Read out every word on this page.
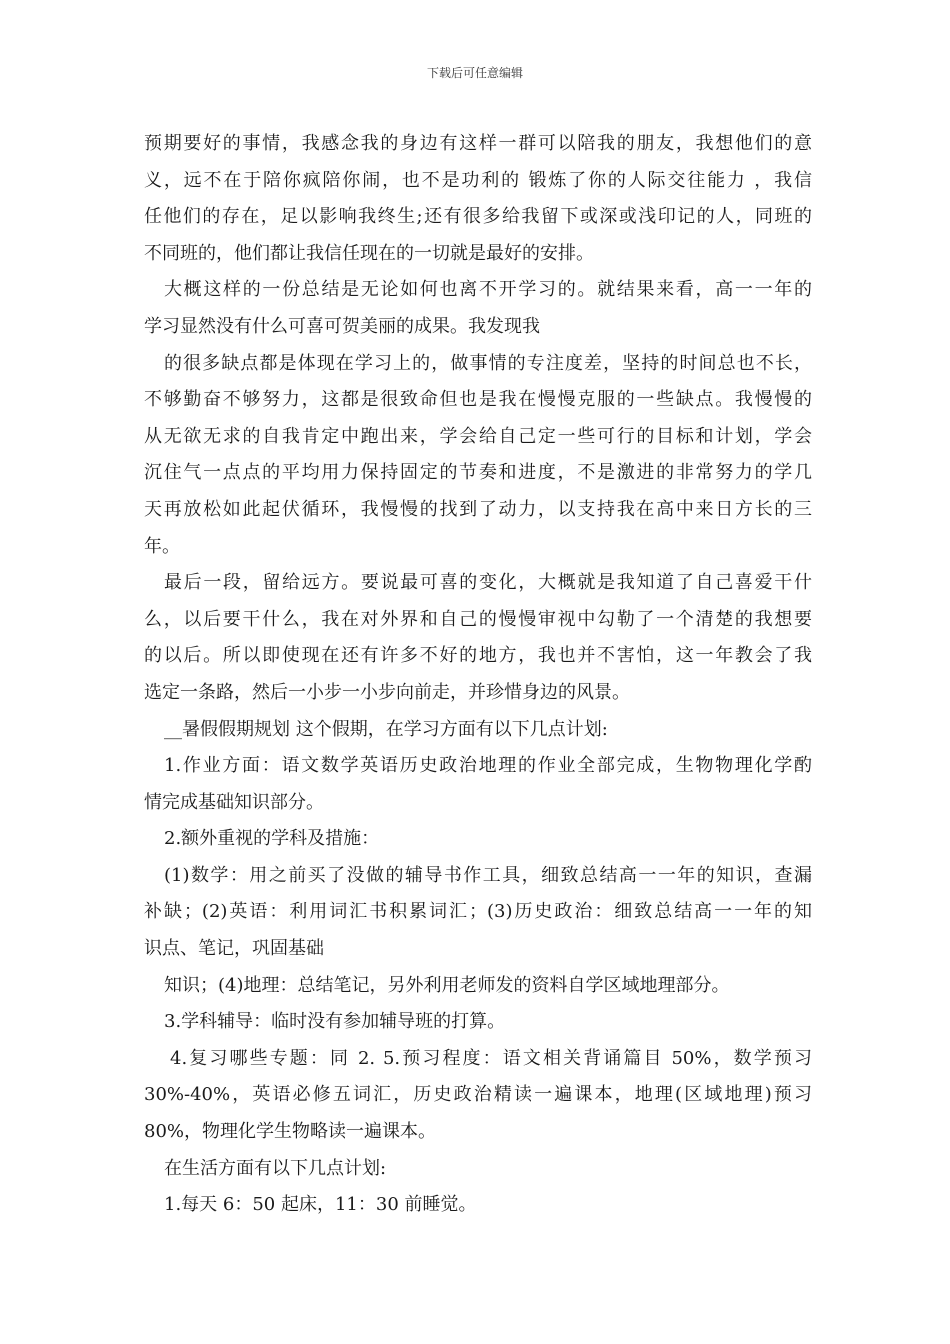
下载后可任意编辑
预期要好的事情，我感念我的身边有这样一群可以陪我的朋友，我想他们的意
义，远不在于陪你疯陪你闹，也不是功利的 锻炼了你的人际交往能力 ，我信
任他们的存在，足以影响我终生;还有很多给我留下或深或浅印记的人，同班的
不同班的，他们都让我信任现在的一切就是最好的安排。
大概这样的一份总结是无论如何也离不开学习的。就结果来看，高一一年的
学习显然没有什么可喜可贺美丽的成果。我发现我
的很多缺点都是体现在学习上的，做事情的专注度差，坚持的时间总也不长，
不够勤奋不够努力，这都是很致命但也是我在慢慢克服的一些缺点。我慢慢的
从无欲无求的自我肯定中跑出来，学会给自己定一些可行的目标和计划，学会
沉住气一点点的平均用力保持固定的节奏和进度，不是激进的非常努力的学几
天再放松如此起伏循环，我慢慢的找到了动力，以支持我在高中来日方长的三
年。
最后一段，留给远方。要说最可喜的变化，大概就是我知道了自己喜爱干什
么，以后要干什么，我在对外界和自己的慢慢审视中勾勒了一个清楚的我想要
的以后。所以即使现在还有许多不好的地方，我也并不害怕，这一年教会了我
选定一条路，然后一小步一小步向前走，并珍惜身边的风景。
__暑假假期规划 这个假期，在学习方面有以下几点计划:
1.作业方面：语文数学英语历史政治地理的作业全部完成，生物物理化学酌
情完成基础知识部分。
2.额外重视的学科及措施：
(1)数学：用之前买了没做的辅导书作工具，细致总结高一一年的知识，查漏
补缺；(2)英语：利用词汇书积累词汇；(3)历史政治：细致总结高一一年的知
识点、笔记，巩固基础
知识；(4)地理：总结笔记，另外利用老师发的资料自学区域地理部分。
3.学科辅导：临时没有参加辅导班的打算。
4.复习哪些专题：同 2. 5.预习程度：语文相关背诵篇目 50%，数学预习
30%-40%，英语必修五词汇，历史政治精读一遍课本，地理(区域地理)预习
80%，物理化学生物略读一遍课本。
在生活方面有以下几点计划:
1.每天 6：50 起床，11：30 前睡觉。
